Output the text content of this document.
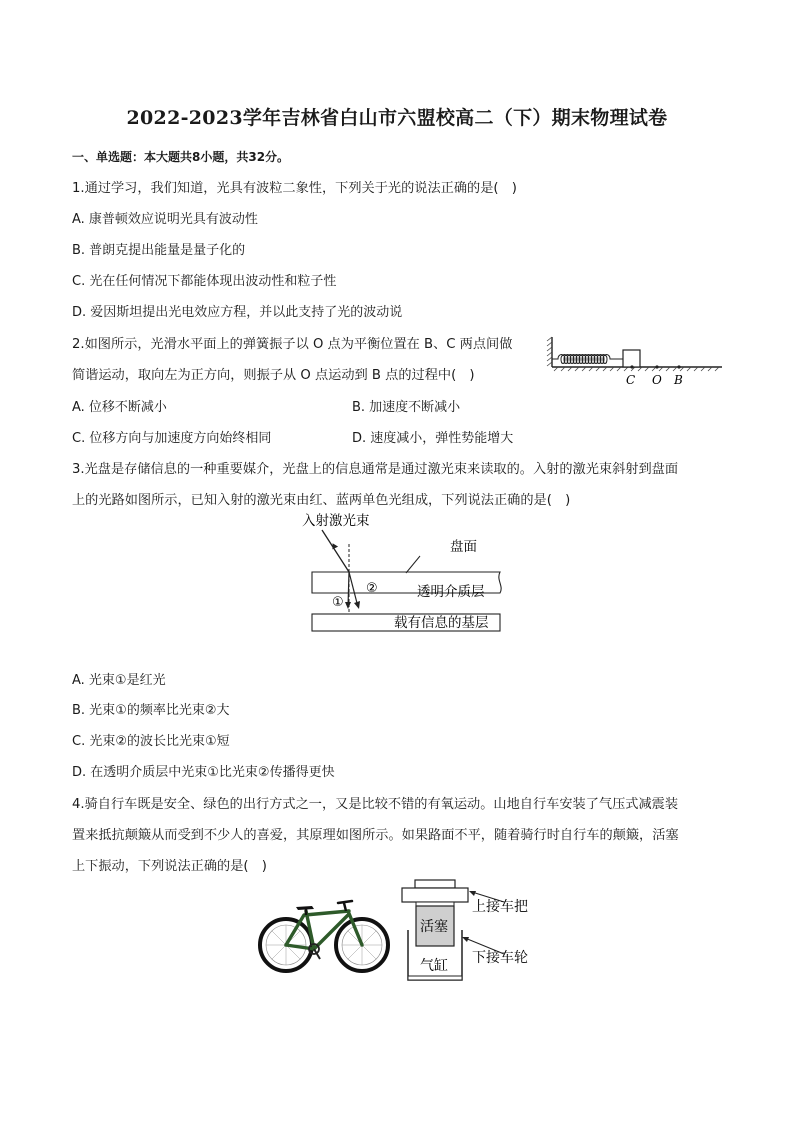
2022-2023学年吉林省白山市六盟校高二（下）期末物理试卷
一、单选题：本大题共8小题，共32分。
1.通过学习，我们知道，光具有波粒二象性，下列关于光的说法正确的是(　)
A. 康普顿效应说明光具有波动性
B. 普朗克提出能量是量子化的
C. 光在任何情况下都能体现出波动性和粒子性
D. 爱因斯坦提出光电效应方程，并以此支持了光的波动说
2.如图所示，光滑水平面上的弹簧振子以 O 点为平衡位置在 B、C 两点间做
简谐运动，取向左为正方向，则振子从 O 点运动到 B 点的过程中(　)
A. 位移不断减小	B. 加速度不断减小
C. 位移方向与加速度方向始终相同	D. 速度减小，弹性势能增大
C O B
3.光盘是存储信息的一种重要媒介，光盘上的信息通常是通过激光束来读取的。入射的激光束斜射到盘面
上的光路如图所示，已知入射的激光束由红、蓝两单色光组成，下列说法正确的是(　)
入射激光束
盘面
透明介质层
载有信息的基层
①
②
A. 光束①是红光
B. 光束①的频率比光束②大
C. 光束②的波长比光束①短
D. 在透明介质层中光束①比光束②传播得更快
4.骑自行车既是安全、绿色的出行方式之一，又是比较不错的有氧运动。山地自行车安装了气压式减震装
置来抵抗颠簸从而受到不少人的喜爱，其原理如图所示。如果路面不平，随着骑行时自行车的颠簸，活塞
上下振动，下列说法正确的是(　)
活塞
气缸
上接车把
下接车轮
